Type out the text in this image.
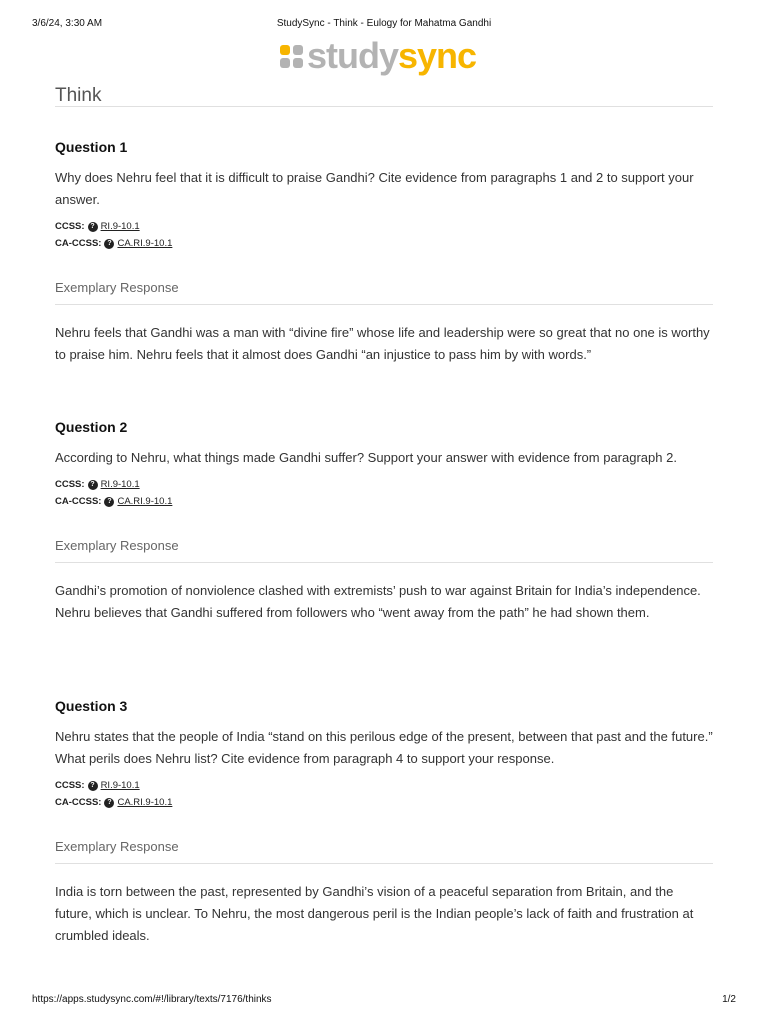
3/6/24, 3:30 AM	StudySync - Think - Eulogy for Mahatma Gandhi
studysync
Think
Question 1
Why does Nehru feel that it is difficult to praise Gandhi? Cite evidence from paragraphs 1 and 2 to support your answer.
CCSS: ? RI.9-10.1
CA-CCSS: ? CA.RI.9-10.1
Exemplary Response
Nehru feels that Gandhi was a man with “divine fire” whose life and leadership were so great that no one is worthy to praise him. Nehru feels that it almost does Gandhi “an injustice to pass him by with words.”
Question 2
According to Nehru, what things made Gandhi suffer? Support your answer with evidence from paragraph 2.
CCSS: ? RI.9-10.1
CA-CCSS: ? CA.RI.9-10.1
Exemplary Response
Gandhi’s promotion of nonviolence clashed with extremists’ push to war against Britain for India’s independence. Nehru believes that Gandhi suffered from followers who “went away from the path” he had shown them.
Question 3
Nehru states that the people of India “stand on this perilous edge of the present, between that past and the future.” What perils does Nehru list? Cite evidence from paragraph 4 to support your response.
CCSS: ? RI.9-10.1
CA-CCSS: ? CA.RI.9-10.1
Exemplary Response
India is torn between the past, represented by Gandhi’s vision of a peaceful separation from Britain, and the future, which is unclear. To Nehru, the most dangerous peril is the Indian people’s lack of faith and frustration at crumbled ideals.
https://apps.studysync.com/#!/library/texts/7176/thinks	1/2
